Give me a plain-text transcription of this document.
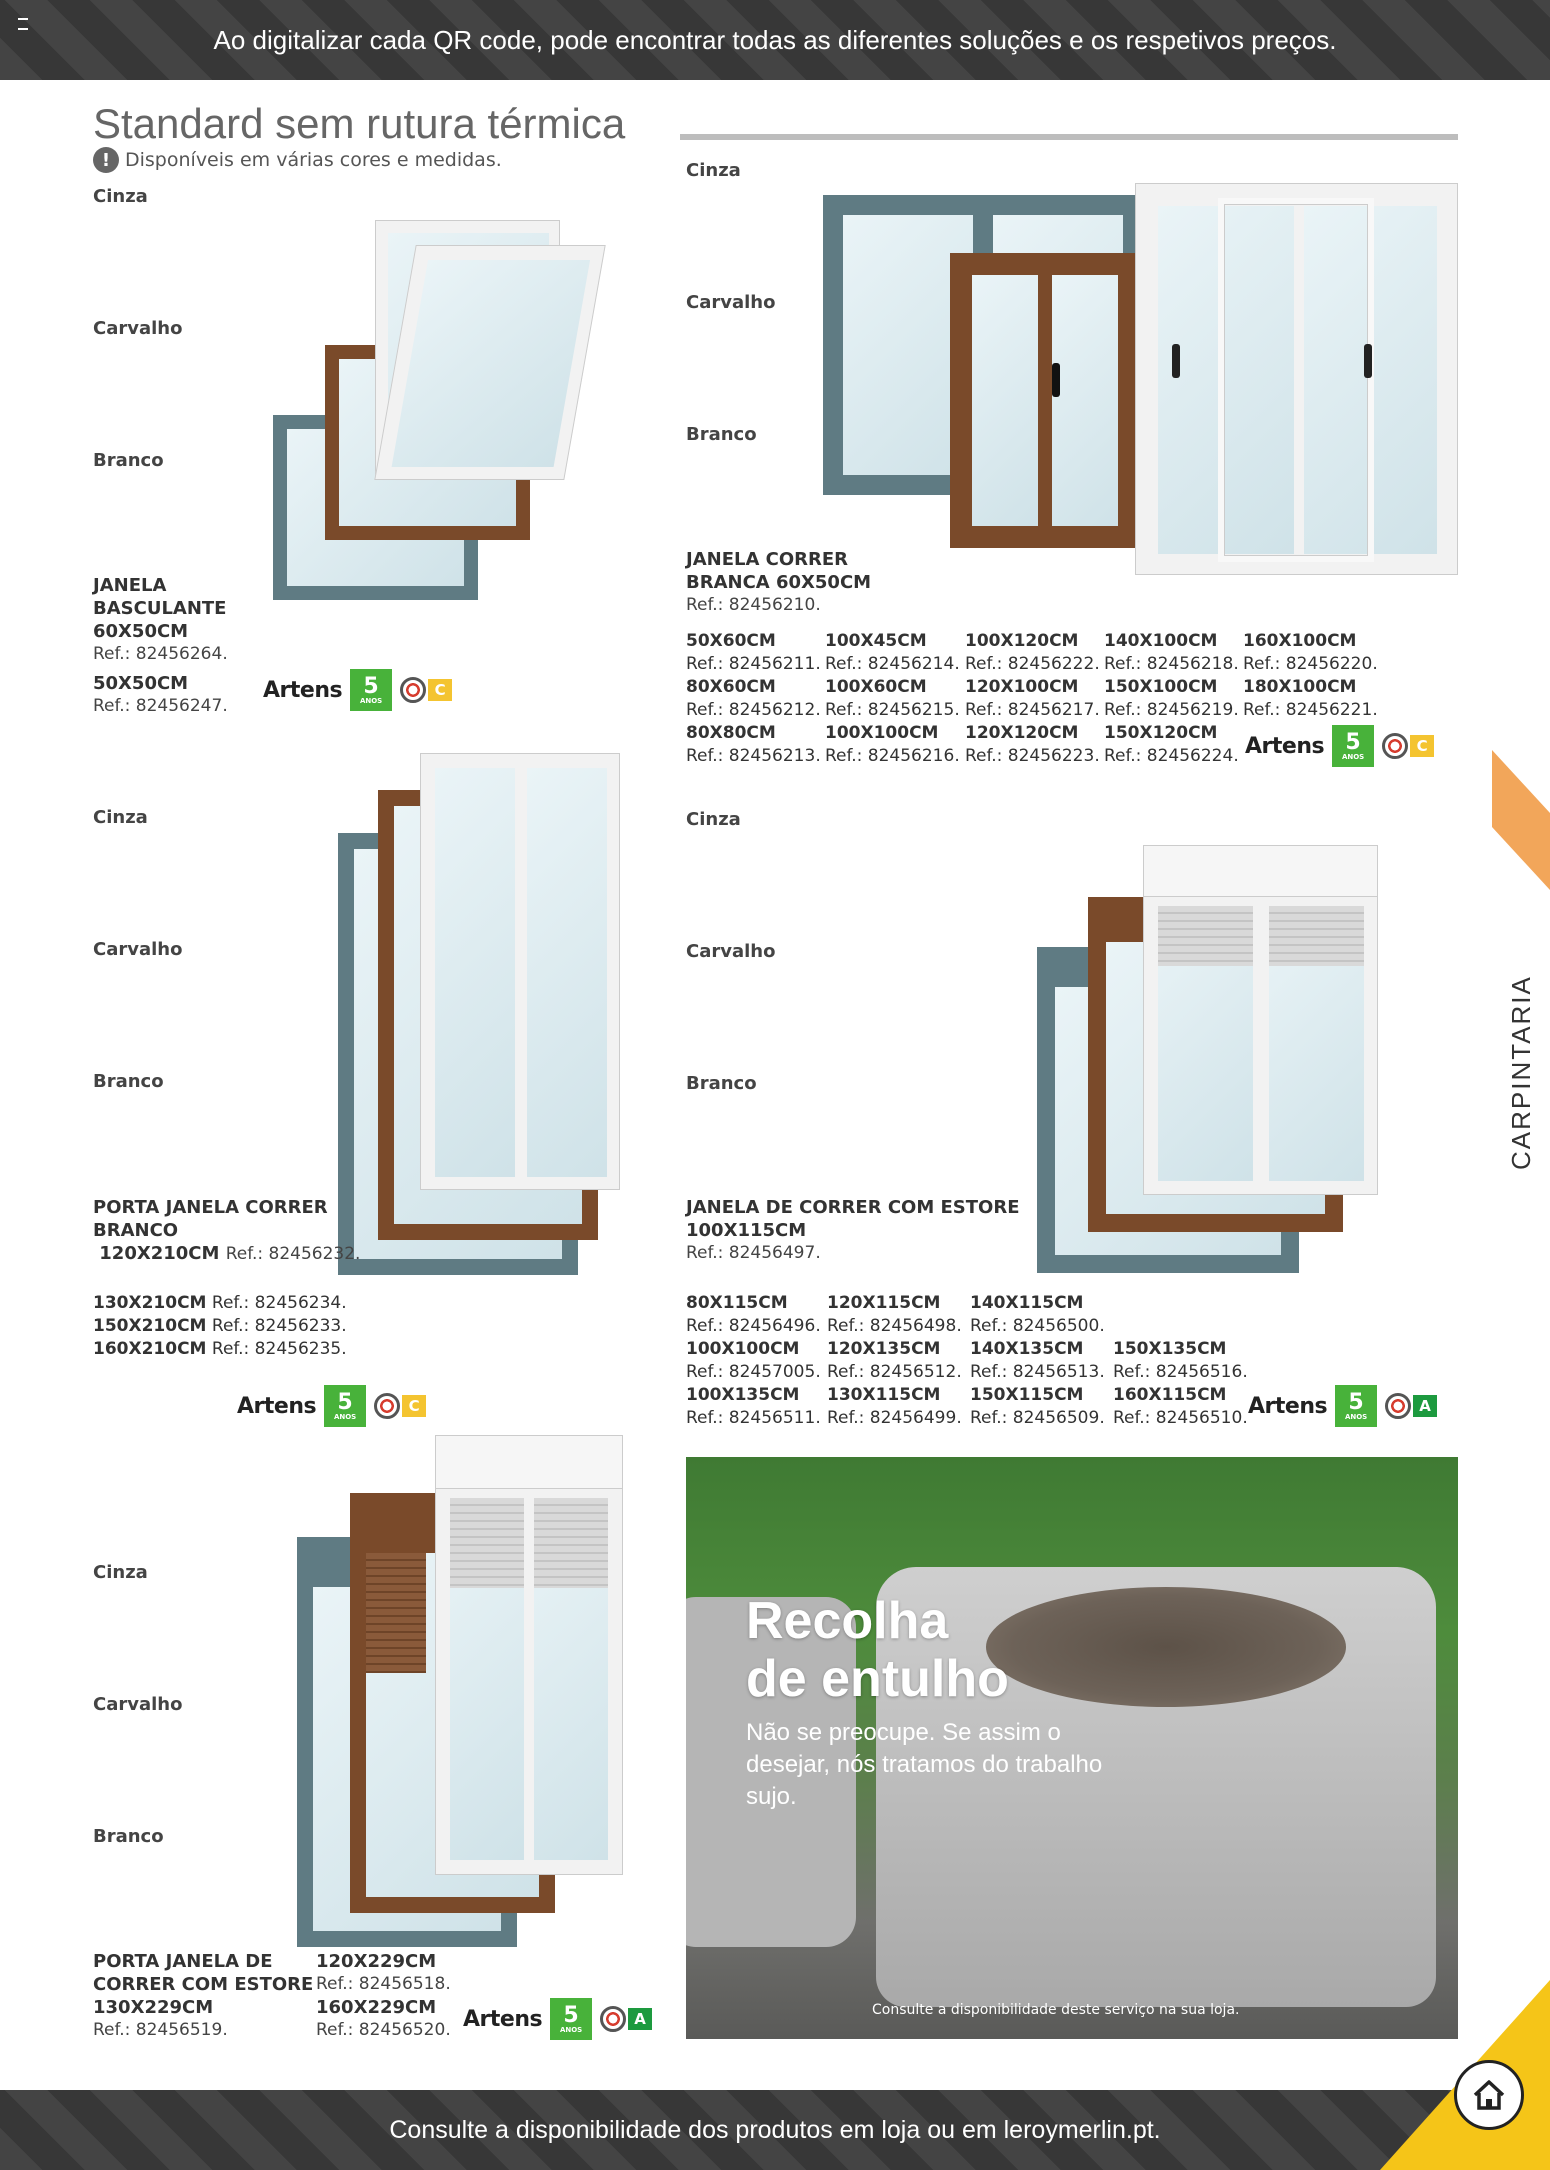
Ao digitalizar cada QR code, pode encontrar todas as diferentes soluções e os respetivos preços.
Standard sem rutura térmica
! Disponíveis em várias cores e medidas.
Cinza
Carvalho
Branco
JANELA
BASCULANTE
60X50CM
Ref.: 82456264.
50X50CM
Ref.: 82456247.
Artens 5
ANOS
C
Cinza
Carvalho
Branco
JANELA CORRER
BRANCA 60X50CM
Ref.: 82456210.
50X60CM
Ref.: 82456211.
100X45CM
Ref.: 82456214.
100X120CM
Ref.: 82456222.
140X100CM
Ref.: 82456218.
160X100CM
Ref.: 82456220.
80X60CM
Ref.: 82456212.
100X60CM
Ref.: 82456215.
120X100CM
Ref.: 82456217.
150X100CM
Ref.: 82456219.
180X100CM
Ref.: 82456221.
80X80CM
Ref.: 82456213.
100X100CM
Ref.: 82456216.
120X120CM
Ref.: 82456223.
150X120CM
Ref.: 82456224. Artens 5
ANOS
C
CARPINTARIA
Cinza
Carvalho
Branco
PORTA JANELA CORRER
BRANCO
120X210CM Ref.: 82456232.
130X210CM Ref.: 82456234.
150X210CM Ref.: 82456233.
160X210CM Ref.: 82456235.
Artens 5
ANOS
C
Cinza
Carvalho
Branco
JANELA DE CORRER COM ESTORE
100X115CM
Ref.: 82456497.
80X115CM
Ref.: 82456496.
120X115CM
Ref.: 82456498.
140X115CM
Ref.: 82456500.
100X100CM
Ref.: 82457005.
120X135CM
Ref.: 82456512.
140X135CM
Ref.: 82456513.
150X135CM
Ref.: 82456516.
100X135CM
Ref.: 82456511.
130X115CM
Ref.: 82456499.
150X115CM
Ref.: 82456509.
160X115CM
Ref.: 82456510. Artens 5
ANOS
A
Cinza
Carvalho
Branco
PORTA JANELA DE
CORRER COM ESTORE
130X229CM
Ref.: 82456519.
120X229CM
Ref.: 82456518.
160X229CM
Ref.: 82456520. Artens 5
ANOS
A
Recolha
de entulho
Não se preocupe. Se assim o desejar, nós tratamos do trabalho sujo.
Consulte a disponibilidade deste serviço na sua loja.
Consulte a disponibilidade dos produtos em loja ou em leroymerlin.pt.
